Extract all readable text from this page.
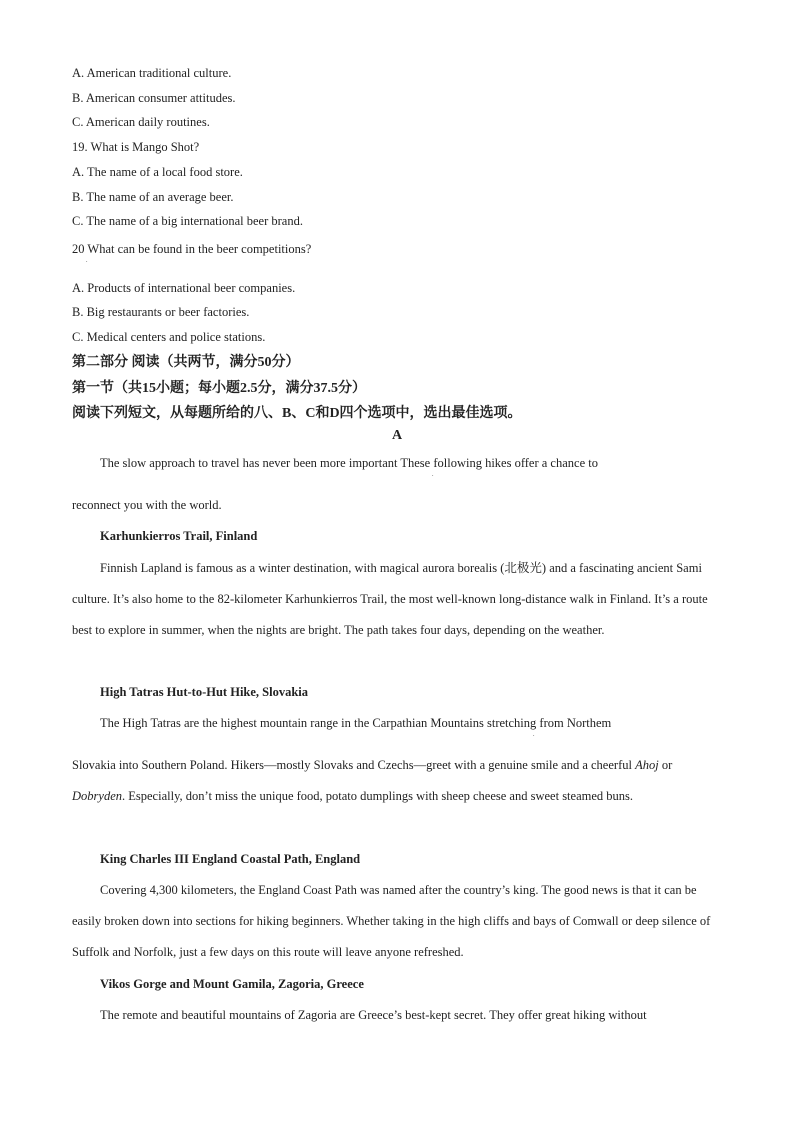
A. American traditional culture.
B. American consumer attitudes.
C. American daily routines.
19. What is Mango Shot?
A. The name of a local food store.
B. The name of an average beer.
C. The name of a big international beer brand.
20 What can be found in the beer competitions?
.
A. Products of international beer companies.
B. Big restaurants or beer factories.
C. Medical centers and police stations.
第二部分 阅读（共两节，满分50分）
第一节（共15小题；每小题2.5分，满分37.5分）
阅读下列短文，从每题所给的八、B、C和D四个选项中，选出最佳选项。
A
The slow approach to travel has never been more important These following hikes offer a chance to
.
reconnect you with the world.
Karhunkierros Trail, Finland
Finnish Lapland is famous as a winter destination, with magical aurora borealis (北极光) and a fascinating ancient Sami culture. It’s also home to the 82-kilometer Karhunkierros Trail, the most well-known long-distance walk in Finland. It’s a route best to explore in summer, when the nights are bright. The path takes four days, depending on the weather.
High Tatras Hut-to-Hut Hike, Slovakia
The High Tatras are the highest mountain range in the Carpathian Mountains stretching from Northem
.
Slovakia into Southern Poland. Hikers—mostly Slovaks and Czechs—greet with a genuine smile and a cheerful Ahoj or Dobryden. Especially, don’t miss the unique food, potato dumplings with sheep cheese and sweet steamed buns.
King Charles III England Coastal Path, England
Covering 4,300 kilometers, the England Coast Path was named after the country’s king. The good news is that it can be easily broken down into sections for hiking beginners. Whether taking in the high cliffs and bays of Comwall or deep silence of Suffolk and Norfolk, just a few days on this route will leave anyone refreshed.
Vikos Gorge and Mount Gamila, Zagoria, Greece
The remote and beautiful mountains of Zagoria are Greece’s best-kept secret. They offer great hiking without
